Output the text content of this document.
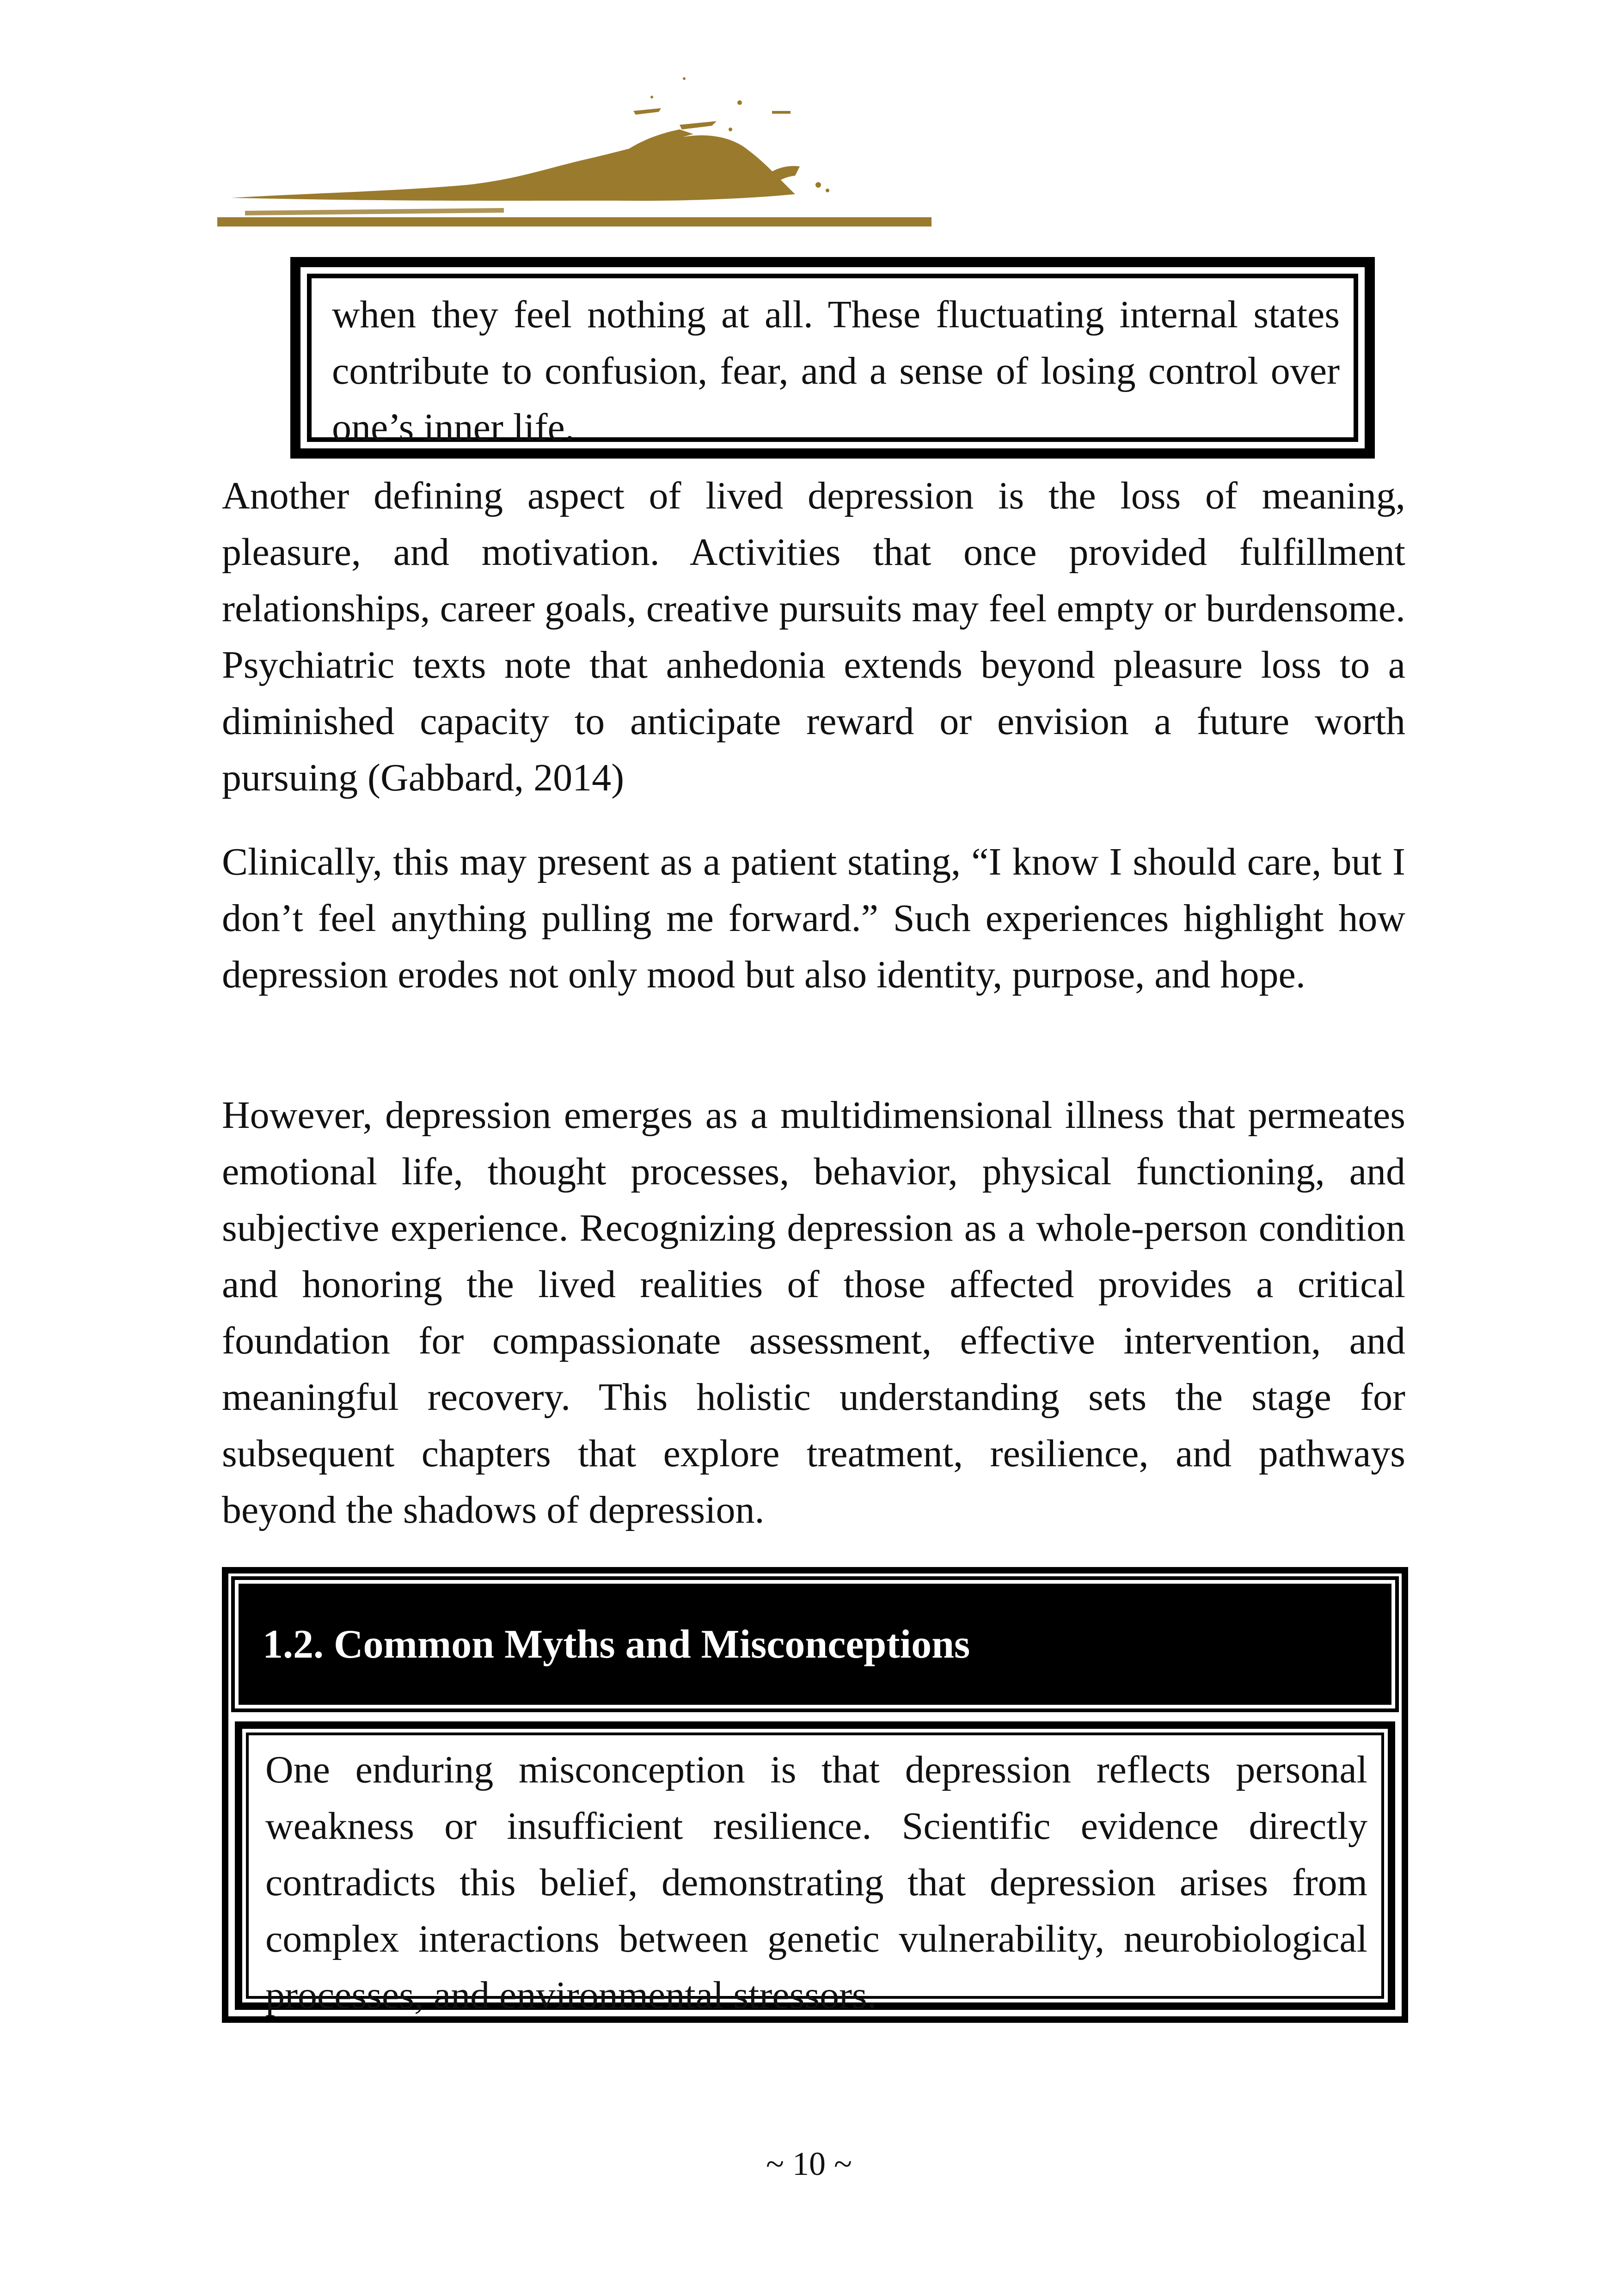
when they feel nothing at all. These fluctuating internal states contribute to confusion, fear, and a sense of losing control over one’s inner life.

Another defining aspect of lived depression is the loss of meaning, pleasure, and motivation. Activities that once provided fulfillment relationships, career goals, creative pursuits may feel empty or burdensome. Psychiatric texts note that anhedonia extends beyond pleasure loss to a diminished capacity to anticipate reward or envision a future worth pursuing (Gabbard, 2014)

Clinically, this may present as a patient stating, “I know I should care, but I don’t feel anything pulling me forward.” Such experiences highlight how depression erodes not only mood but also identity, purpose, and hope.

However, depression emerges as a multidimensional illness that permeates emotional life, thought processes, behavior, physical functioning, and subjective experience. Recognizing depression as a whole-person condition and honoring the lived realities of those affected provides a critical foundation for compassionate assessment, effective intervention, and meaningful recovery. This holistic understanding sets the stage for subsequent chapters that explore treatment, resilience, and pathways beyond the shadows of depression.

1.2. Common Myths and Misconceptions

One enduring misconception is that depression reflects personal weakness or insufficient resilience. Scientific evidence directly contradicts this belief, demonstrating that depression arises from complex interactions between genetic vulnerability, neurobiological processes, and environmental stressors.

~ 10 ~
